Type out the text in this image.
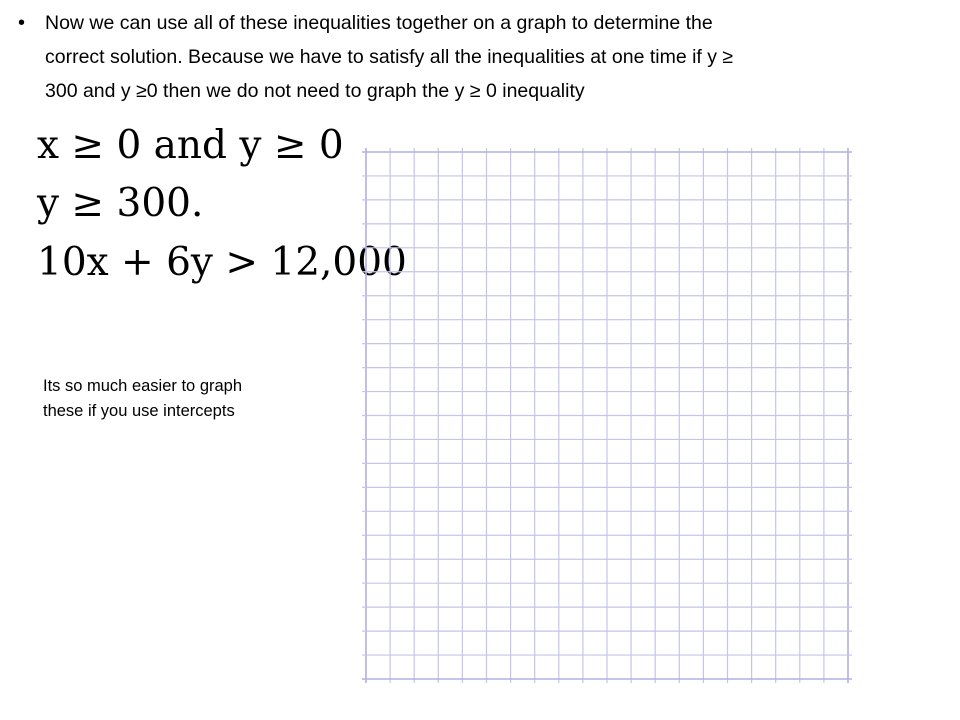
• Now we can use all of these inequalities together on a graph to determine the
correct solution. Because we have to satisfy all the inequalities at one time if y ≥
300 and y ≥0 then we do not need to graph the y ≥ 0 inequality
x ≥ 0 and y ≥ 0
y ≥ 300.
10x + 6y > 12,000
Its so much easier to graph
these if you use intercepts
